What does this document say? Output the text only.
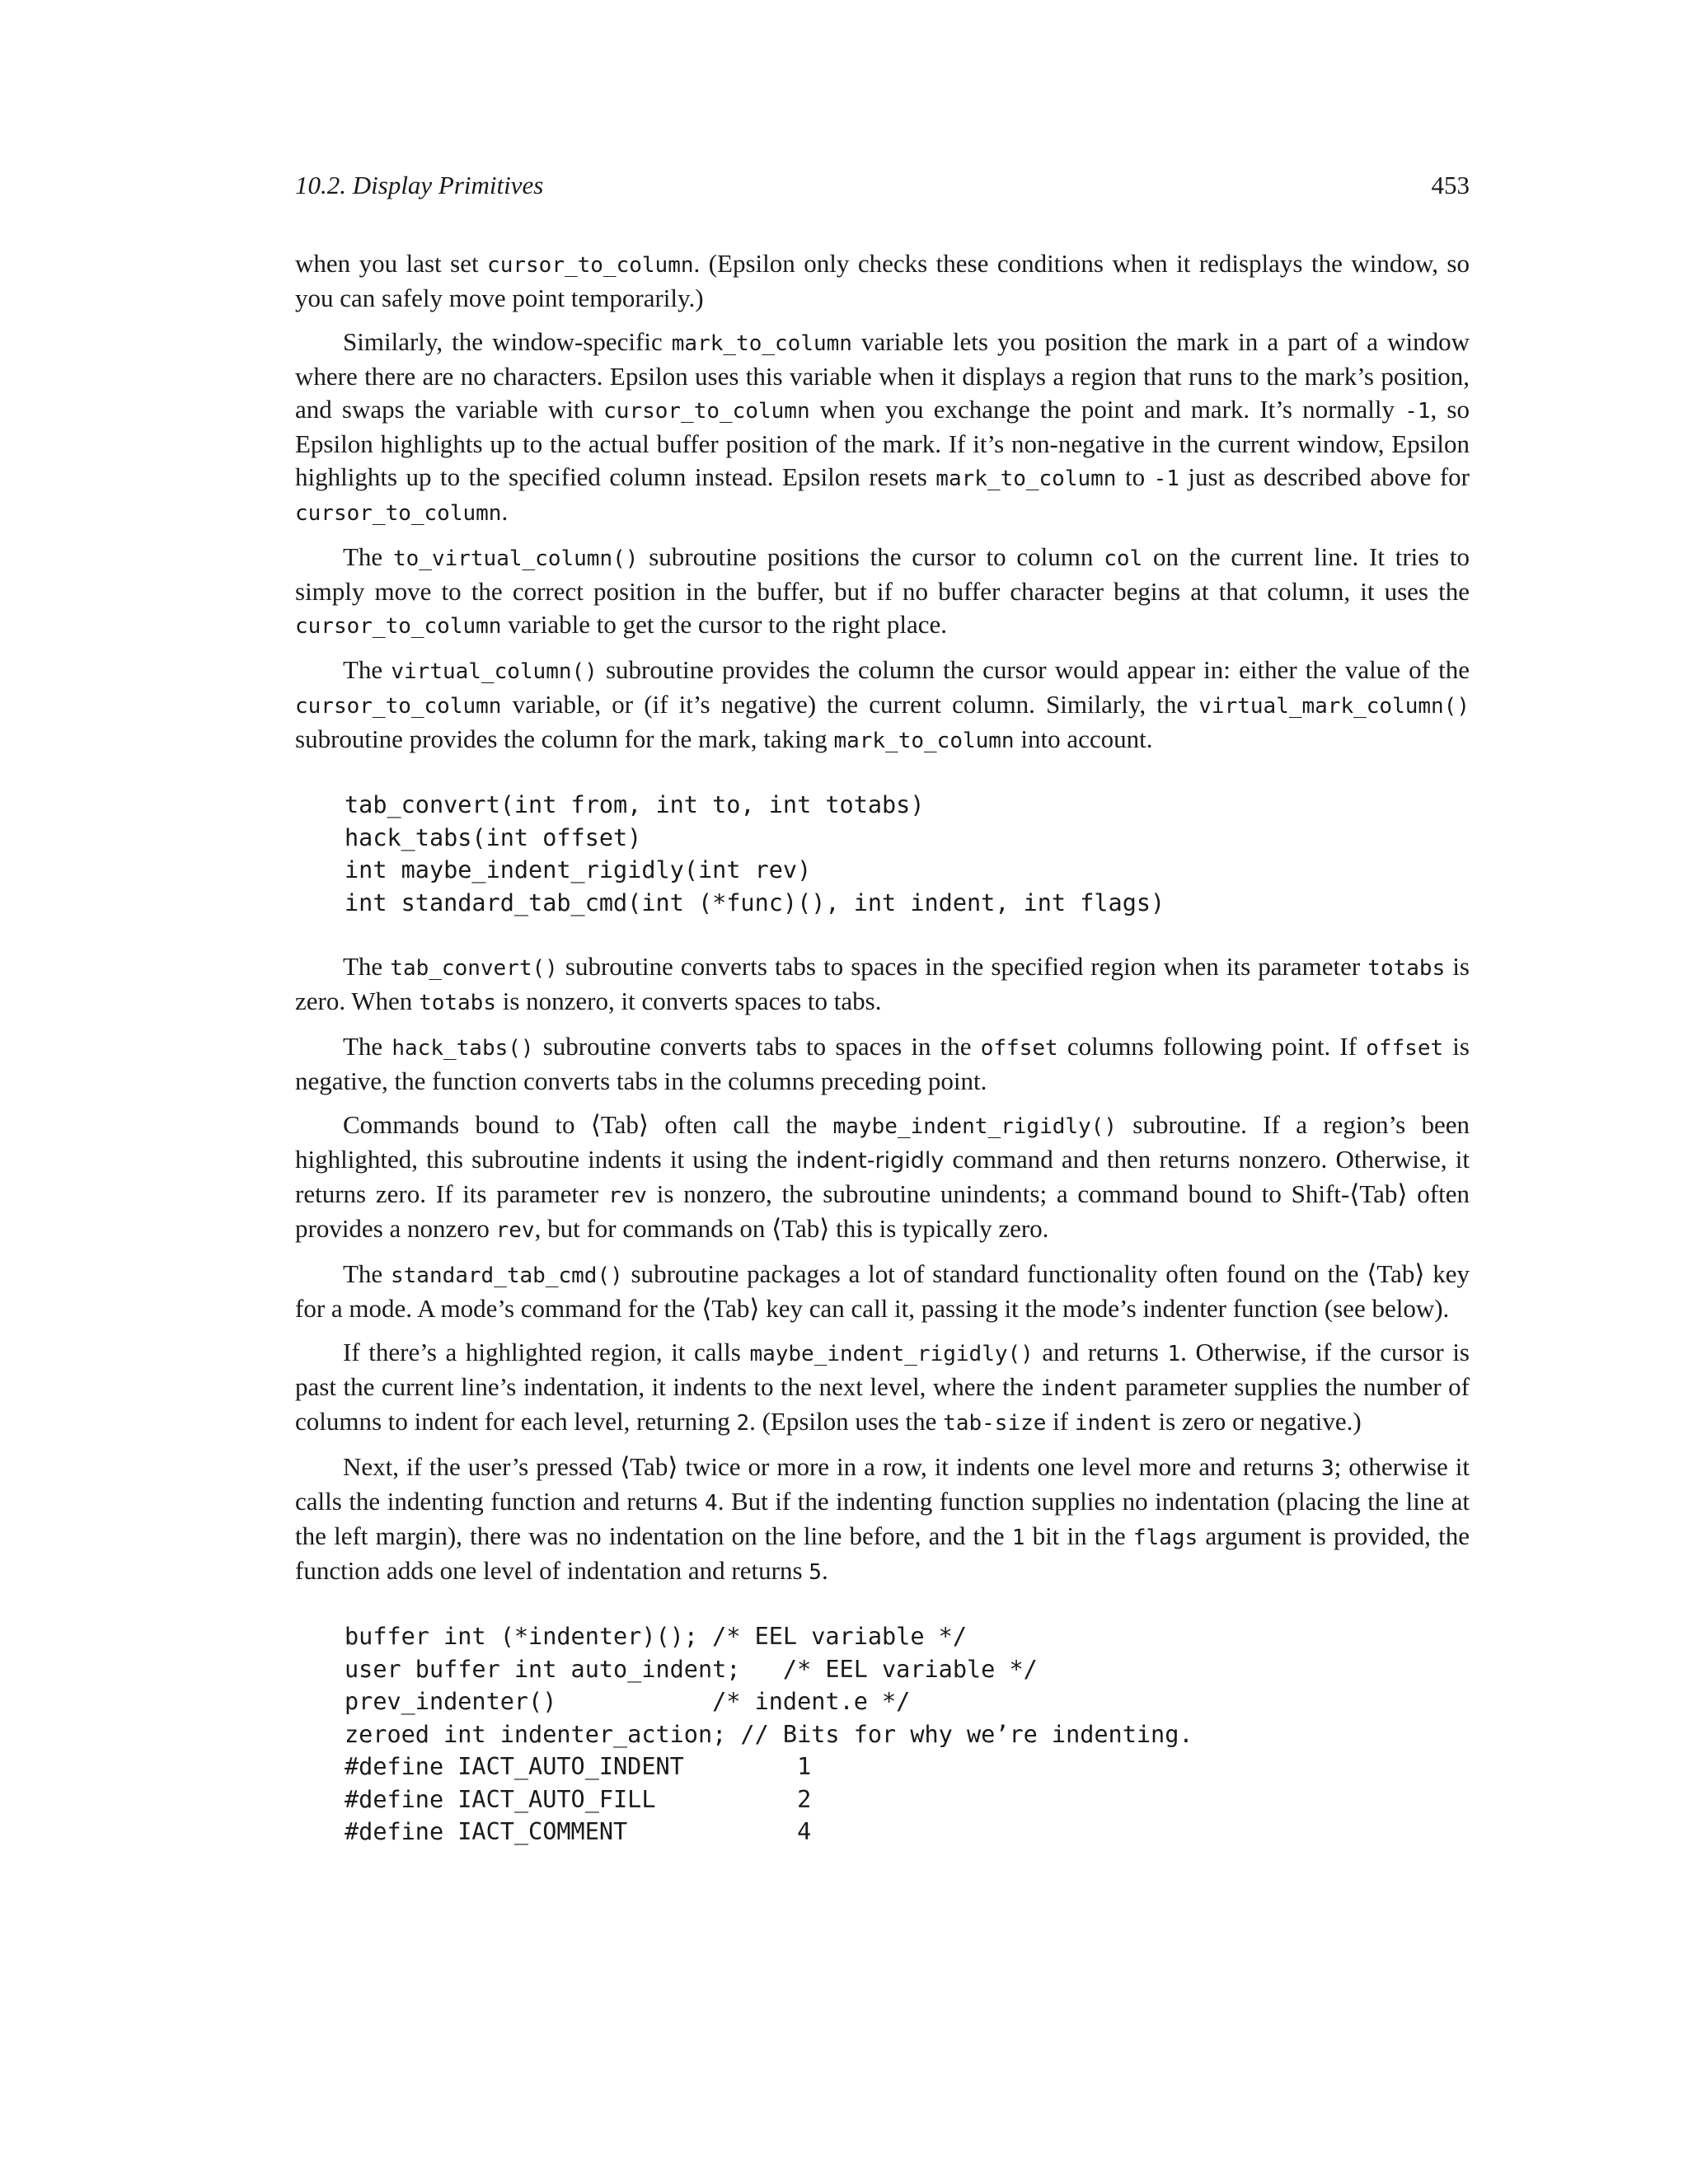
10.2. Display Primitives	453

when you last set cursor_to_column. (Epsilon only checks these conditions when it redisplays the window, so you can safely move point temporarily.)

Similarly, the window-specific mark_to_column variable lets you position the mark in a part of a window where there are no characters. Epsilon uses this variable when it displays a region that runs to the mark’s position, and swaps the variable with cursor_to_column when you exchange the point and mark. It’s normally -1, so Epsilon highlights up to the actual buffer position of the mark. If it’s non-negative in the current window, Epsilon highlights up to the specified column instead. Epsilon resets mark_to_column to -1 just as described above for cursor_to_column.

The to_virtual_column() subroutine positions the cursor to column col on the current line. It tries to simply move to the correct position in the buffer, but if no buffer character begins at that column, it uses the cursor_to_column variable to get the cursor to the right place.

The virtual_column() subroutine provides the column the cursor would appear in: either the value of the cursor_to_column variable, or (if it’s negative) the current column. Similarly, the virtual_mark_column() subroutine provides the column for the mark, taking mark_to_column into account.

tab_convert(int from, int to, int totabs)
hack_tabs(int offset)
int maybe_indent_rigidly(int rev)
int standard_tab_cmd(int (*func)(), int indent, int flags)

The tab_convert() subroutine converts tabs to spaces in the specified region when its parameter totabs is zero. When totabs is nonzero, it converts spaces to tabs.

The hack_tabs() subroutine converts tabs to spaces in the offset columns following point. If offset is negative, the function converts tabs in the columns preceding point.

Commands bound to ⟨Tab⟩ often call the maybe_indent_rigidly() subroutine. If a region’s been highlighted, this subroutine indents it using the indent-rigidly command and then returns nonzero. Otherwise, it returns zero. If its parameter rev is nonzero, the subroutine unindents; a command bound to Shift-⟨Tab⟩ often provides a nonzero rev, but for commands on ⟨Tab⟩ this is typically zero.

The standard_tab_cmd() subroutine packages a lot of standard functionality often found on the ⟨Tab⟩ key for a mode. A mode’s command for the ⟨Tab⟩ key can call it, passing it the mode’s indenter function (see below).

If there’s a highlighted region, it calls maybe_indent_rigidly() and returns 1. Otherwise, if the cursor is past the current line’s indentation, it indents to the next level, where the indent parameter supplies the number of columns to indent for each level, returning 2. (Epsilon uses the tab-size if indent is zero or negative.)

Next, if the user’s pressed ⟨Tab⟩ twice or more in a row, it indents one level more and returns 3; otherwise it calls the indenting function and returns 4. But if the indenting function supplies no indentation (placing the line at the left margin), there was no indentation on the line before, and the 1 bit in the flags argument is provided, the function adds one level of indentation and returns 5.

buffer int (*indenter)(); /* EEL variable */
user buffer int auto_indent;   /* EEL variable */
prev_indenter()           /* indent.e */
zeroed int indenter_action; // Bits for why we’re indenting.
#define IACT_AUTO_INDENT        1
#define IACT_AUTO_FILL          2
#define IACT_COMMENT            4
